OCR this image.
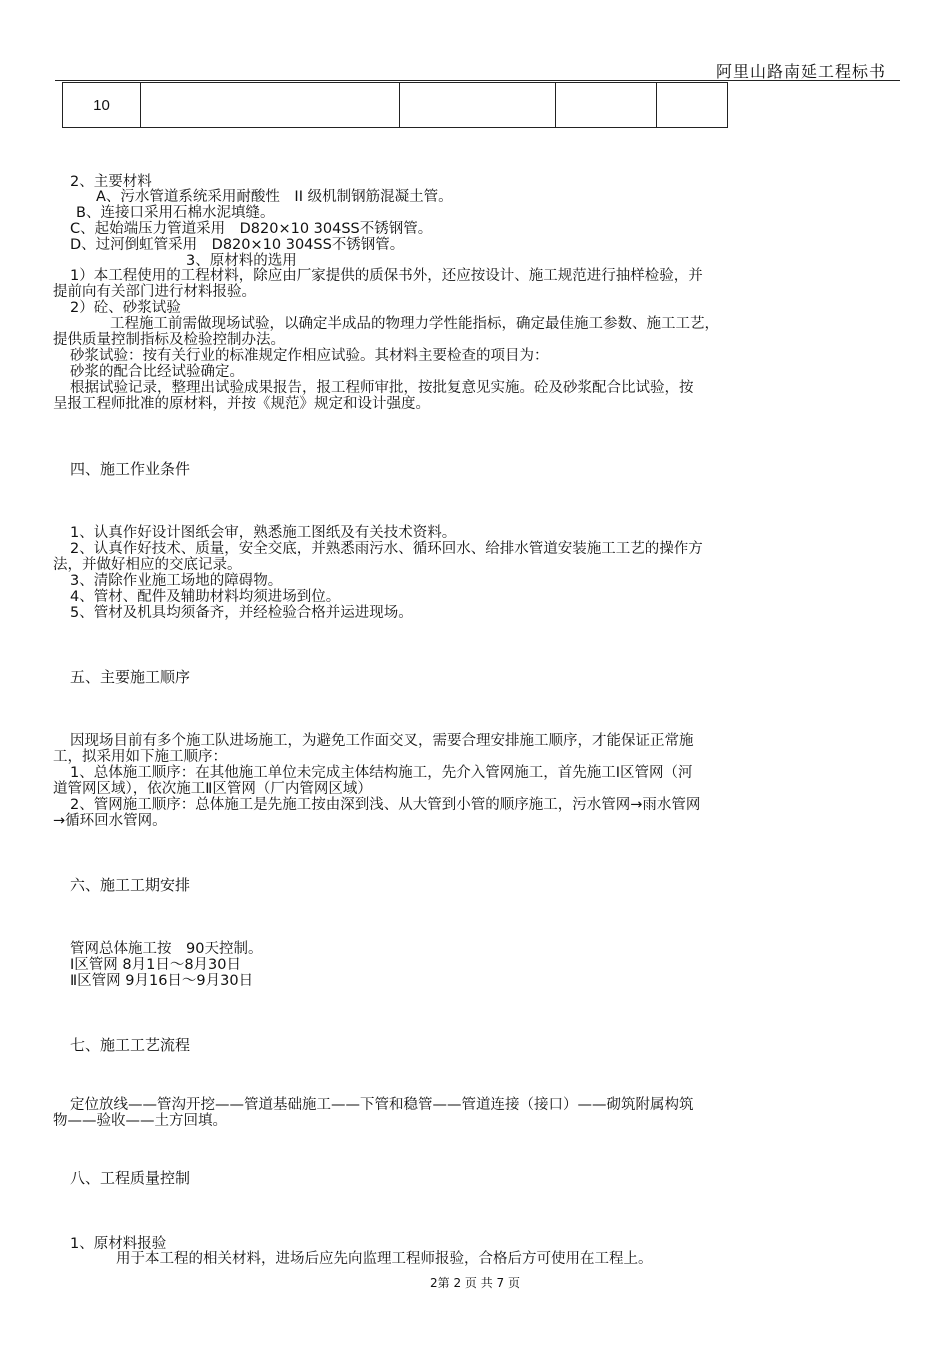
阿里山路南延工程标书
10				
2、主要材料
A、污水管道系统采用耐酸性　II 级机制钢筋混凝土管。
B、连接口采用石棉水泥填缝。
C、起始端压力管道采用　D820×10 304SS不锈钢管。
D、过河倒虹管采用　D820×10 304SS不锈钢管。
3、原材料的选用
1）本工程使用的工程材料，除应由厂家提供的质保书外，还应按设计、施工规范进行抽样检验，并
提前向有关部门进行材料报验。
2）砼、砂浆试验
工程施工前需做现场试验，以确定半成品的物理力学性能指标，确定最佳施工参数、施工工艺，
提供质量控制指标及检验控制办法。
砂浆试验：按有关行业的标准规定作相应试验。其材料主要检查的项目为：
砂浆的配合比经试验确定。
根据试验记录，整理出试验成果报告，报工程师审批，按批复意见实施。砼及砂浆配合比试验，按
呈报工程师批准的原材料，并按《规范》规定和设计强度。
四、施工作业条件
1、认真作好设计图纸会审，熟悉施工图纸及有关技术资料。
2、认真作好技术、质量，安全交底，并熟悉雨污水、循环回水、给排水管道安装施工工艺的操作方
法，并做好相应的交底记录。
3、清除作业施工场地的障碍物。
4、管材、配件及辅助材料均须进场到位。
5、管材及机具均须备齐，并经检验合格并运进现场。
五、主要施工顺序
因现场目前有多个施工队进场施工，为避免工作面交叉，需要合理安排施工顺序，才能保证正常施
工，拟采用如下施工顺序：
1、总体施工顺序：在其他施工单位未完成主体结构施工，先介入管网施工，首先施工Ⅰ区管网（河
道管网区域），依次施工Ⅱ区管网（厂内管网区域）
2、管网施工顺序：总体施工是先施工按由深到浅、从大管到小管的顺序施工，污水管网→雨水管网
→循环回水管网。
六、施工工期安排
管网总体施工按　90天控制。
Ⅰ区管网 8月1日～8月30日
Ⅱ区管网 9月16日～9月30日
七、施工工艺流程
定位放线——管沟开挖——管道基础施工——下管和稳管——管道连接（接口）——砌筑附属构筑
物——验收——土方回填。
八、工程质量控制
1、原材料报验
用于本工程的相关材料，进场后应先向监理工程师报验，合格后方可使用在工程上。
2第 2 页 共 7 页
